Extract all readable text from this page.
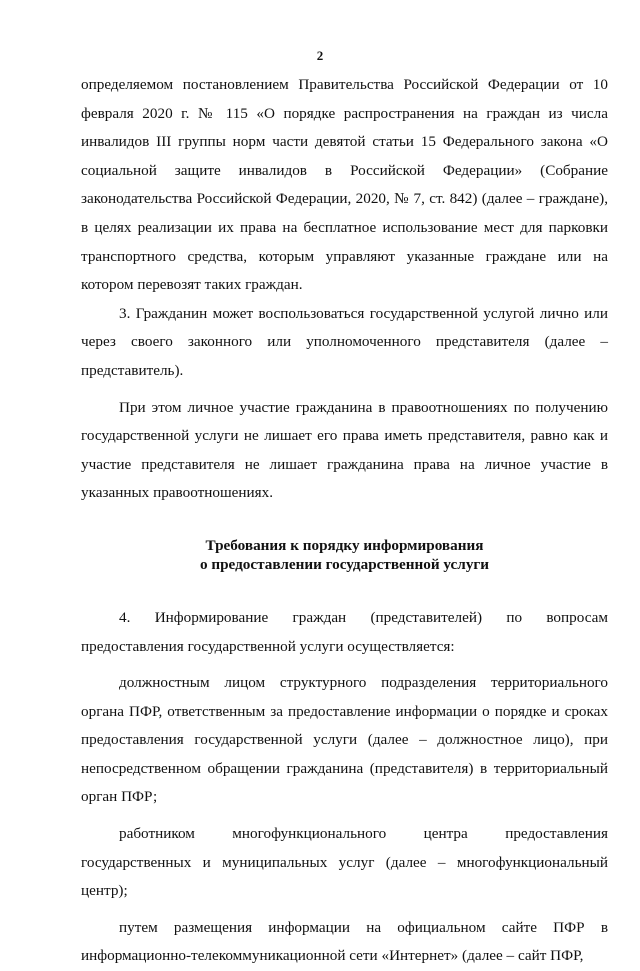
2

определяемом постановлением Правительства Российской Федерации от 10 февраля 2020 г. № 115 «О порядке распространения на граждан из числа инвалидов III группы норм части девятой статьи 15 Федерального закона «О социальной защите инвалидов в Российской Федерации» (Собрание законодательства Российской Федерации, 2020, № 7, ст. 842) (далее – граждане), в целях реализации их права на бесплатное использование мест для парковки транспортного средства, которым управляют указанные граждане или на котором перевозят таких граждан.

3. Гражданин может воспользоваться государственной услугой лично или через своего законного или уполномоченного представителя (далее – представитель).

При этом личное участие гражданина в правоотношениях по получению государственной услуги не лишает его права иметь представителя, равно как и участие представителя не лишает гражданина права на личное участие в указанных правоотношениях.

Требования к порядку информирования
о предоставлении государственной услуги

4. Информирование граждан (представителей) по вопросам предоставления государственной услуги осуществляется:

должностным лицом структурного подразделения территориального органа ПФР, ответственным за предоставление информации о порядке и сроках предоставления государственной услуги (далее – должностное лицо), при непосредственном обращении гражданина (представителя) в территориальный орган ПФР;

работником многофункционального центра предоставления государственных и муниципальных услуг (далее – многофункциональный центр);

путем размещения информации на официальном сайте ПФР в информационно-телекоммуникационной сети «Интернет» (далее – сайт ПФР,
